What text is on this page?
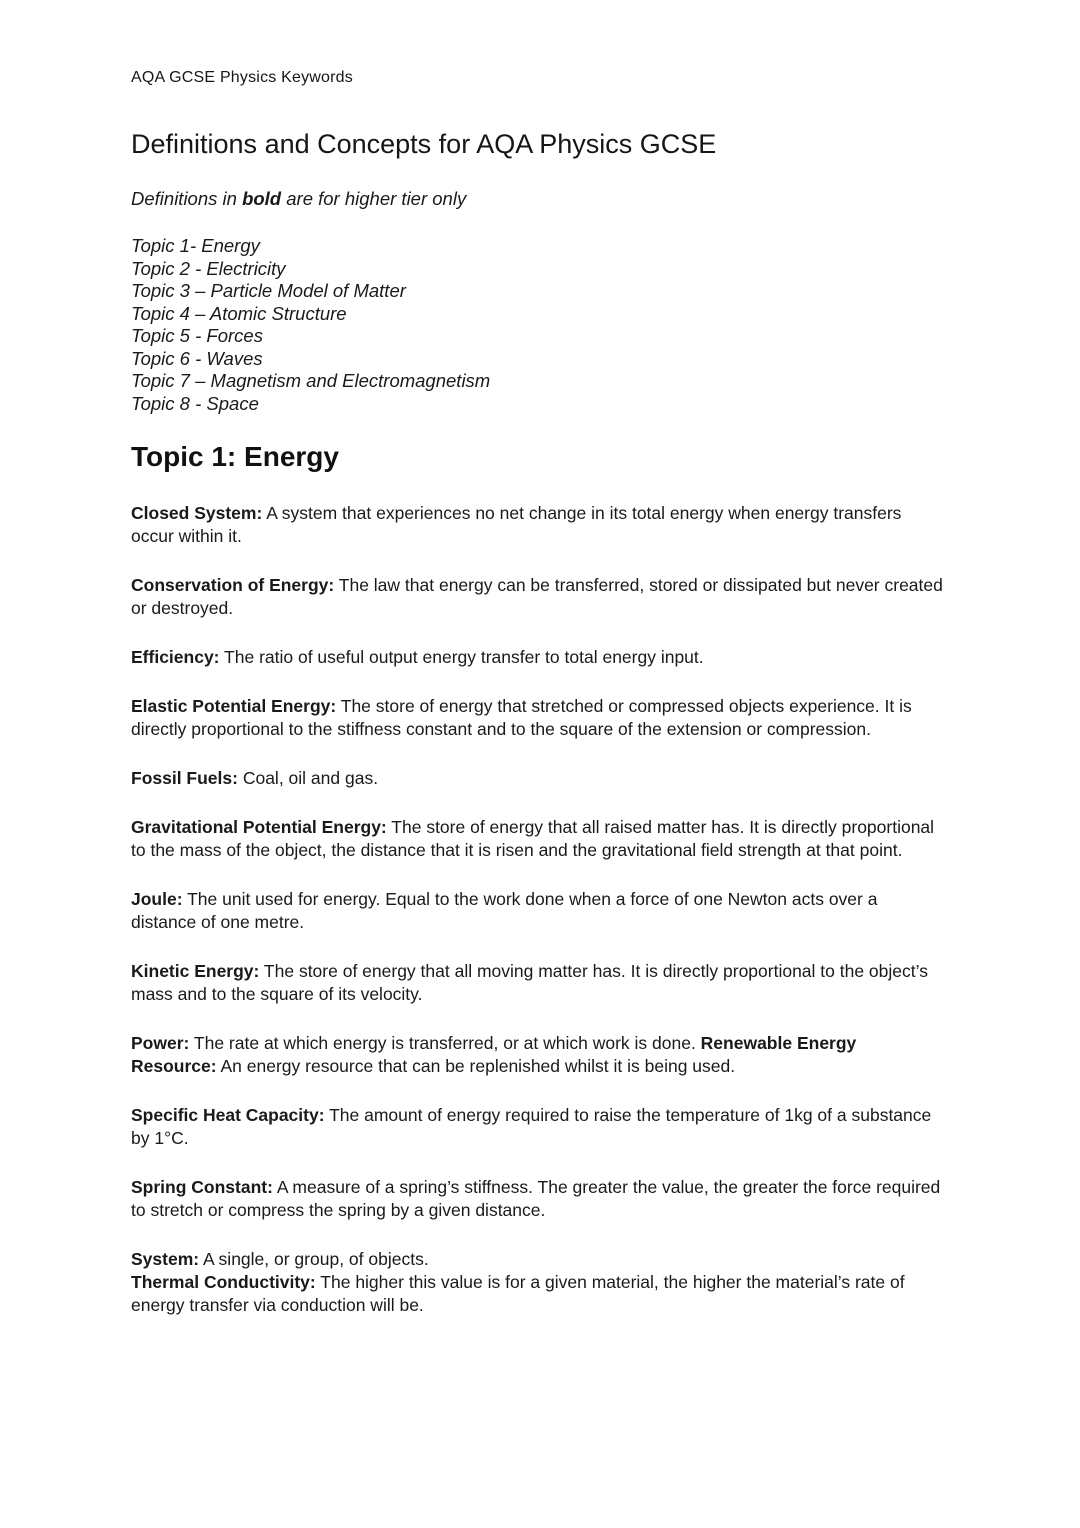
AQA GCSE Physics Keywords
Definitions and Concepts for AQA Physics GCSE

Definitions in bold are for higher tier only

Topic 1- Energy
Topic 2 - Electricity
Topic 3 – Particle Model of Matter
Topic 4 – Atomic Structure
Topic 5 - Forces
Topic 6 - Waves
Topic 7 – Magnetism and Electromagnetism
Topic 8 - Space
Topic 1: Energy

Closed System: A system that experiences no net change in its total energy when energy transfers occur within it.

Conservation of Energy: The law that energy can be transferred, stored or dissipated but never created or destroyed.

Efficiency: The ratio of useful output energy transfer to total energy input.

Elastic Potential Energy: The store of energy that stretched or compressed objects experience. It is directly proportional to the stiffness constant and to the square of the extension or compression.

Fossil Fuels: Coal, oil and gas.

Gravitational Potential Energy: The store of energy that all raised matter has. It is directly proportional to the mass of the object, the distance that it is risen and the gravitational field strength at that point.

Joule: The unit used for energy. Equal to the work done when a force of one Newton acts over a distance of one metre.

Kinetic Energy: The store of energy that all moving matter has. It is directly proportional to the object’s mass and to the square of its velocity.

Power: The rate at which energy is transferred, or at which work is done. Renewable Energy Resource: An energy resource that can be replenished whilst it is being used.

Specific Heat Capacity: The amount of energy required to raise the temperature of 1kg of a substance by 1°C.

Spring Constant: A measure of a spring’s stiffness. The greater the value, the greater the force required to stretch or compress the spring by a given distance.

System: A single, or group, of objects.
Thermal Conductivity: The higher this value is for a given material, the higher the material’s rate of energy transfer via conduction will be.
